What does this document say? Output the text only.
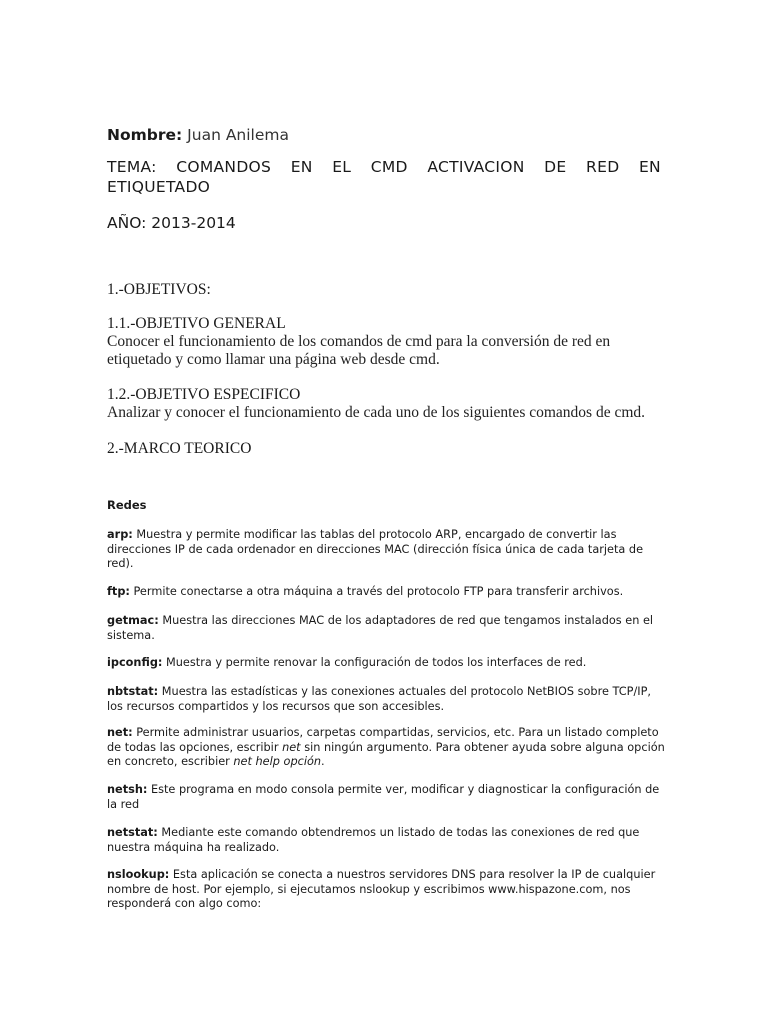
Nombre: Juan Anilema

TEMA: COMANDOS EN EL CMD ACTIVACION DE RED EN
ETIQUETADO

AÑO: 2013-2014

1.-OBJETIVOS:

1.1.-OBJETIVO GENERAL

Conocer el funcionamiento de los comandos de cmd para la conversión de red en etiquetado y como llamar una página web desde cmd.

1.2.-OBJETIVO ESPECIFICO

Analizar y conocer el funcionamiento de cada uno de los siguientes comandos de cmd.

2.-MARCO TEORICO

Redes

arp: Muestra y permite modificar las tablas del protocolo ARP, encargado de convertir las direcciones IP de cada ordenador en direcciones MAC (dirección física única de cada tarjeta de red).

ftp: Permite conectarse a otra máquina a través del protocolo FTP para transferir archivos.

getmac: Muestra las direcciones MAC de los adaptadores de red que tengamos instalados en el sistema.

ipconfig: Muestra y permite renovar la configuración de todos los interfaces de red.

nbtstat: Muestra las estadísticas y las conexiones actuales del protocolo NetBIOS sobre TCP/IP, los recursos compartidos y los recursos que son accesibles.

net: Permite administrar usuarios, carpetas compartidas, servicios, etc. Para un listado completo de todas las opciones, escribir net sin ningún argumento. Para obtener ayuda sobre alguna opción en concreto, escribier net help opción.

netsh: Este programa en modo consola permite ver, modificar y diagnosticar la configuración de la red

netstat: Mediante este comando obtendremos un listado de todas las conexiones de red que nuestra máquina ha realizado.

nslookup: Esta aplicación se conecta a nuestros servidores DNS para resolver la IP de cualquier nombre de host. Por ejemplo, si ejecutamos nslookup y escribimos www.hispazone.com, nos responderá con algo como:
